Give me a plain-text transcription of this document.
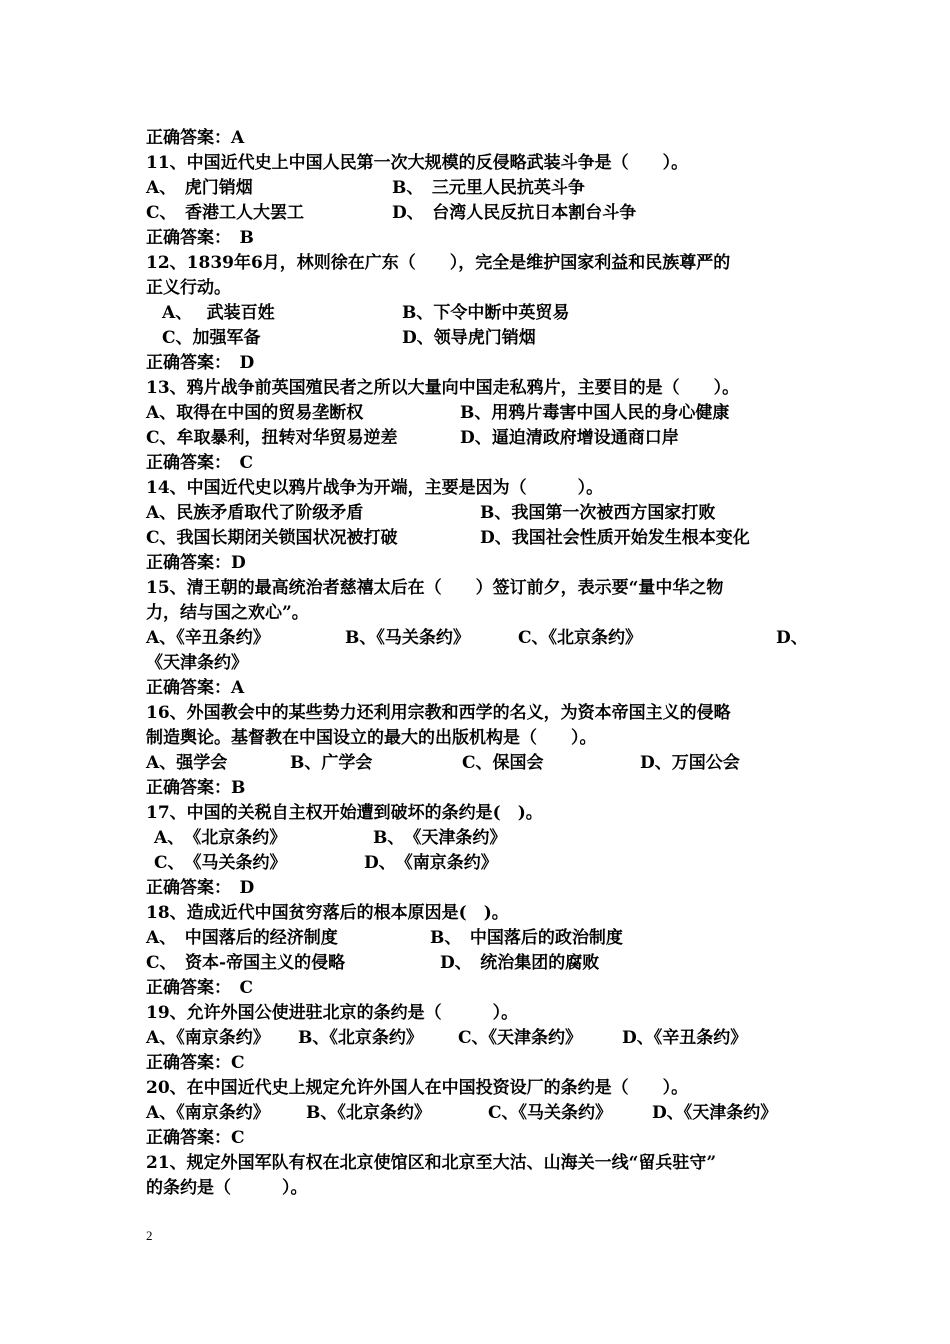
正确答案：A
11、中国近代史上中国人民第一次大规模的反侵略武装斗争是（　　）。
A、　虎门销烟	B、　三元里人民抗英斗争
C、　香港工人大罢工	D、　台湾人民反抗日本割台斗争
正确答案：　B
12、1839年6月，林则徐在广东（　　），完全是维护国家利益和民族尊严的
正义行动。
A、　 武装百姓	B、下令中断中英贸易
C、加强军备	D、领导虎门销烟
正确答案：　D
13、鸦片战争前英国殖民者之所以大量向中国走私鸦片，主要目的是（　　）。
A、取得在中国的贸易垄断权	B、用鸦片毒害中国人民的身心健康
C、牟取暴利，扭转对华贸易逆差	D、逼迫清政府增设通商口岸
正确答案：　C
14、中国近代史以鸦片战争为开端，主要是因为（　　　）。
A、民族矛盾取代了阶级矛盾	B、我国第一次被西方国家打败
C、我国长期闭关锁国状况被打破	D、我国社会性质开始发生根本变化
正确答案：D
15、清王朝的最高统治者慈禧太后在（　　）签订前夕，表示要“量中华之物
力，结与国之欢心”。
A、《辛丑条约》	B、《马关条约》	C、《北京条约》	D、
《天津条约》
正确答案：A
16、外国教会中的某些势力还利用宗教和西学的名义，为资本帝国主义的侵略
制造舆论。基督教在中国设立的最大的出版机构是（　　）。
A、强学会	B、广学会	C、保国会	D、万国公会
正确答案：B
17、中国的关税自主权开始遭到破坏的条约是(　)。
A、　《北京条约》	B、　《天津条约》
C、　《马关条约》	D、　《南京条约》
正确答案：　D
18、造成近代中国贫穷落后的根本原因是(　)。
A、　中国落后的经济制度	B、　中国落后的政治制度
C、　资本-帝国主义的侵略	D、　统治集团的腐败
正确答案：　C
19、允许外国公使进驻北京的条约是（　　　）。
A、《南京条约》 B、《北京条约》 C、《天津条约》 D、《辛丑条约》
正确答案：C
20、在中国近代史上规定允许外国人在中国投资设厂的条约是（　　）。
A、《南京条约》 B、《北京条约》	C、《马关条约》 D、《天津条约》
正确答案：C
21、规定外国军队有权在北京使馆区和北京至大沽、山海关一线“留兵驻守”
的条约是（　　　）。
2
